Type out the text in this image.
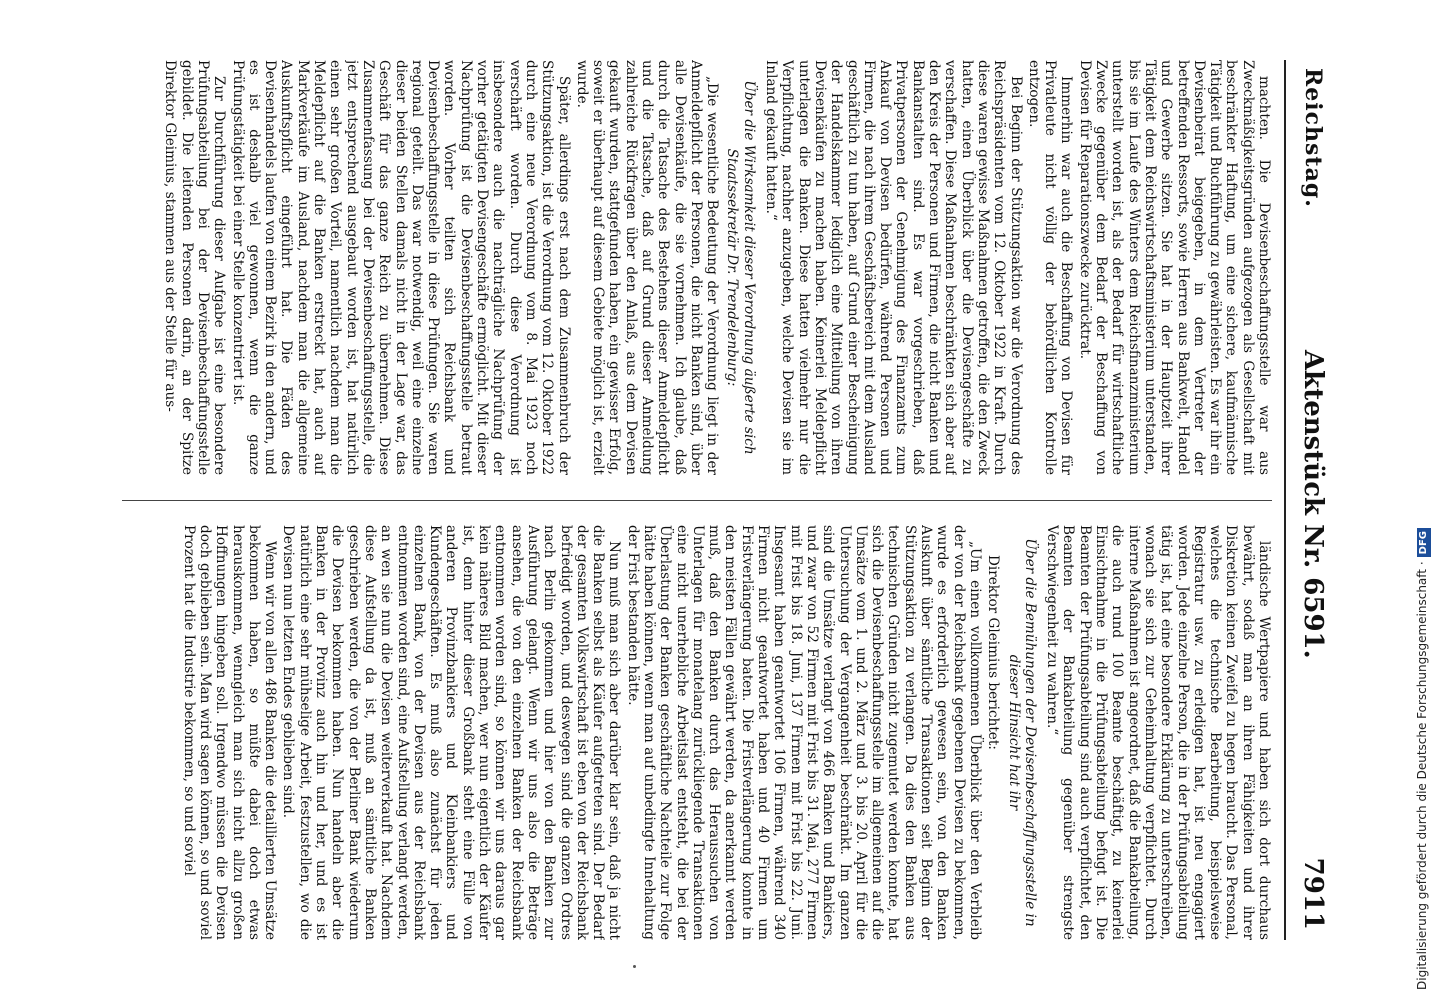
Reichstag.
Aktenstück Nr. 6591.
7911

machten. Die Devisenbeschaffungsstelle war aus Zweckmäßigkeitsgründen aufgezogen als Gesellschaft mit beschränkter Haftung, um eine sichere, kaufmännische Tätigkeit und Buchführung zu gewährleisten. Es war ihr ein Devisenbeirat beigegeben, in dem Vertreter der betreffenden Ressorts, sowie Herren aus Bankwelt, Handel und Gewerbe sitzen. Sie hat in der Hauptzeit ihrer Tätigkeit dem Reichswirtschaftsministerium unterstanden, bis sie im Laufe des Winters dem Reichsfinanzministerium unterstellt worden ist, als der Bedarf für wirtschaftliche Zwecke gegenüber dem Bedarf der Beschaffung von Devisen für Reparationszwecke zurücktrat.

Immerhin war auch die Beschaffung von Devisen für Privatleute nicht völlig der behördlichen Kontrolle entzogen.

Bei Beginn der Stützungsaktion war die Verordnung des Reichspräsidenten vom 12. Oktober 1922 in Kraft. Durch diese waren gewisse Maßnahmen getroffen, die den Zweck hatten, einen Überblick über die Devisengeschäfte zu verschaffen. Diese Maßnahmen beschränkten sich aber auf den Kreis der Personen und Firmen, die nicht Banken und Bankanstalten sind. Es war vorgeschrieben, daß Privatpersonen der Genehmigung des Finanzamts zum Ankauf von Devisen bedürfen, während Personen und Firmen, die nach ihrem Geschäftsbereich mit dem Ausland geschäftlich zu tun haben, auf Grund einer Bescheinigung der Handelskammer lediglich eine Mitteilung von ihren Devisenkäufen zu machen haben. Keinerlei Meldepflicht unterlagen die Banken. Diese hatten vielmehr nur die Verpflichtung, nachher anzugeben, welche Devisen sie im Inland gekauft hatten.“

Über die Wirksamkeit dieser Verordnung äußerte sich Staatssekretär Dr. Trendelenburg:

„Die wesentliche Bedeutung der Verordnung liegt in der Anmeldepflicht der Personen, die nicht Banken sind, über alle Devisenkäufe, die sie vornehmen. Ich glaube, daß durch die Tatsache des Bestehens dieser Anmeldepflicht und die Tatsache, daß auf Grund dieser Anmeldung zahlreiche Rückfragen über den Anlaß, aus dem Devisen gekauft wurden, stattgefunden haben, ein gewisser Erfolg, soweit er überhaupt auf diesem Gebiete möglich ist, erzielt wurde.

Später, allerdings erst nach dem Zusammenbruch der Stützungsaktion, ist die Verordnung vom 12. Oktober 1922 durch eine neue Verordnung vom 8. Mai 1923 noch verschärft worden. Durch diese Verordnung ist insbesondere auch die nachträgliche Nachprüfung der vorher getätigten Devisengeschäfte ermöglicht. Mit dieser Nachprüfung ist die Devisenbeschaffungsstelle betraut worden. Vorher teilten sich Reichsbank und Devisenbeschaffungsstelle in diese Prüfungen. Sie waren regional geteilt. Das war notwendig, weil eine einzelne dieser beiden Stellen damals nicht in der Lage war, das Geschäft für das ganze Reich zu übernehmen. Diese Zusammenfassung bei der Devisenbeschaffungsstelle, die jetzt entsprechend ausgebaut worden ist, hat natürlich einen sehr großen Vorteil, namentlich nachdem man die Meldepflicht auf die Banken erstreckt hat, auch auf Markverkäufe im Ausland, nachdem man die allgemeine Auskunftspflicht eingeführt hat. Die Fäden des Devisenhandels laufen von einem Bezirk in den andern, und es ist deshalb viel gewonnen, wenn die ganze Prüfungstätigkeit bei einer Stelle konzentriert ist.

Zur Durchführung dieser Aufgabe ist eine besondere Prüfungsabteilung bei der Devisenbeschaffungsstelle gebildet. Die leitenden Personen darin, an der Spitze Direktor Gleimius, stammen aus der Stelle für aus-

ländische Wertpapiere und haben sich dort durchaus bewährt, sodaß man an ihren Fähigkeiten und ihrer Diskretion keinen Zweifel zu hegen braucht. Das Personal, welches die technische Bearbeitung, beispielsweise Registratur usw. zu erledigen hat, ist neu engagiert worden. Jede einzelne Person, die in der Prüfungsabteilung tätig ist, hat eine besondere Erklärung zu unterschreiben, wonach sie sich zur Geheimhaltung verpflichtet. Durch interne Maßnahmen ist angeordnet, daß die Bankabteilung, die auch rund 100 Beamte beschäftigt, zu keinerlei Einsichtnahme in die Prüfungsabteilung befugt ist. Die Beamten der Prüfungsabteilung sind auch verpflichtet, den Beamten der Bankabteilung gegenüber strengste Verschwiegenheit zu wahren.“

Über die Bemühungen der Devisenbeschaffungsstelle in dieser Hinsicht hat ihr

Direktor Gleimius berichtet:

„Um einen vollkommenen Überblick über den Verbleib der von der Reichsbank gegebenen Devisen zu bekommen, wurde es erforderlich gewesen sein, von den Banken Auskunft über sämtliche Transaktionen seit Beginn der Stützungsaktion zu verlangen. Da dies den Banken aus technischen Gründen nicht zugemutet werden konnte, hat sich die Devisenbeschaffungsstelle im allgemeinen auf die Umsätze vom 1. und 2. März und 3. bis 20. April für die Untersuchung der Vergangenheit beschränkt. Im ganzen sind die Umsätze verlangt von 466 Banken und Bankiers, und zwar von 52 Firmen mit Frist bis 31. Mai, 277 Firmen mit Frist bis 18. Juni, 137 Firmen mit Frist bis 22. Juni. Insgesamt haben geantwortet 106 Firmen, während 340 Firmen nicht geantwortet haben und 40 Firmen um Fristverlängerung baten. Die Fristverlängerung konnte in den meisten Fällen gewährt werden, da anerkannt werden muß, daß den Banken durch das Heraussuchen von Unterlagen für monatelang zurückliegende Transaktionen eine nicht unerhebliche Arbeitslast entsteht, die bei der Überlastung der Banken geschäftliche Nachteile zur Folge hätte haben können, wenn man auf unbedingte Innehaltung der Frist bestanden hätte.

Nun muß man sich aber darüber klar sein, daß ja nicht die Banken selbst als Käufer aufgetreten sind. Der Bedarf der gesamten Volkswirtschaft ist eben von der Reichsbank befriedigt worden, und deswegen sind die ganzen Ordres nach Berlin gekommen und hier von den Banken zur Ausführung gelangt. Wenn wir uns also die Beträge ansehen, die von den einzelnen Banken der Reichsbank entnommen worden sind, so können wir uns daraus gar kein näheres Bild machen, wer nun eigentlich der Käufer ist, denn hinter dieser Großbank steht eine Fülle von anderen Provinzbankiers und Kleinbankiers und Kundengeschäften. Es muß also zunächst für jeden einzelnen Bank, von der Devisen aus der Reichsbank entnommen worden sind, eine Aufstellung verlangt werden, an wen sie nun die Devisen weiterverkauft hat. Nachdem diese Aufstellung da ist, muß an sämtliche Banken geschrieben werden, die von der Berliner Bank wiederum die Devisen bekommen haben. Nun handeln aber die Banken in der Provinz auch hin und her, und es ist natürlich eine sehr mühselige Arbeit, festzustellen, wo die Devisen nun letzten Endes geblieben sind.

Wenn wir von allen 486 Banken die detaillierten Umsätze bekommen haben, so müßte dabei doch etwas herauskommen, wenngleich man sich nicht allzu großen Hoffnungen hingeben soll. Irgendwo müssen die Devisen doch geblieben sein. Man wird sagen können, so und soviel Prozent hat die Industrie bekommen, so und soviel	Digitalisierung gefördert durch die Deutsche Forschungsgemeinschaft ·DFG
